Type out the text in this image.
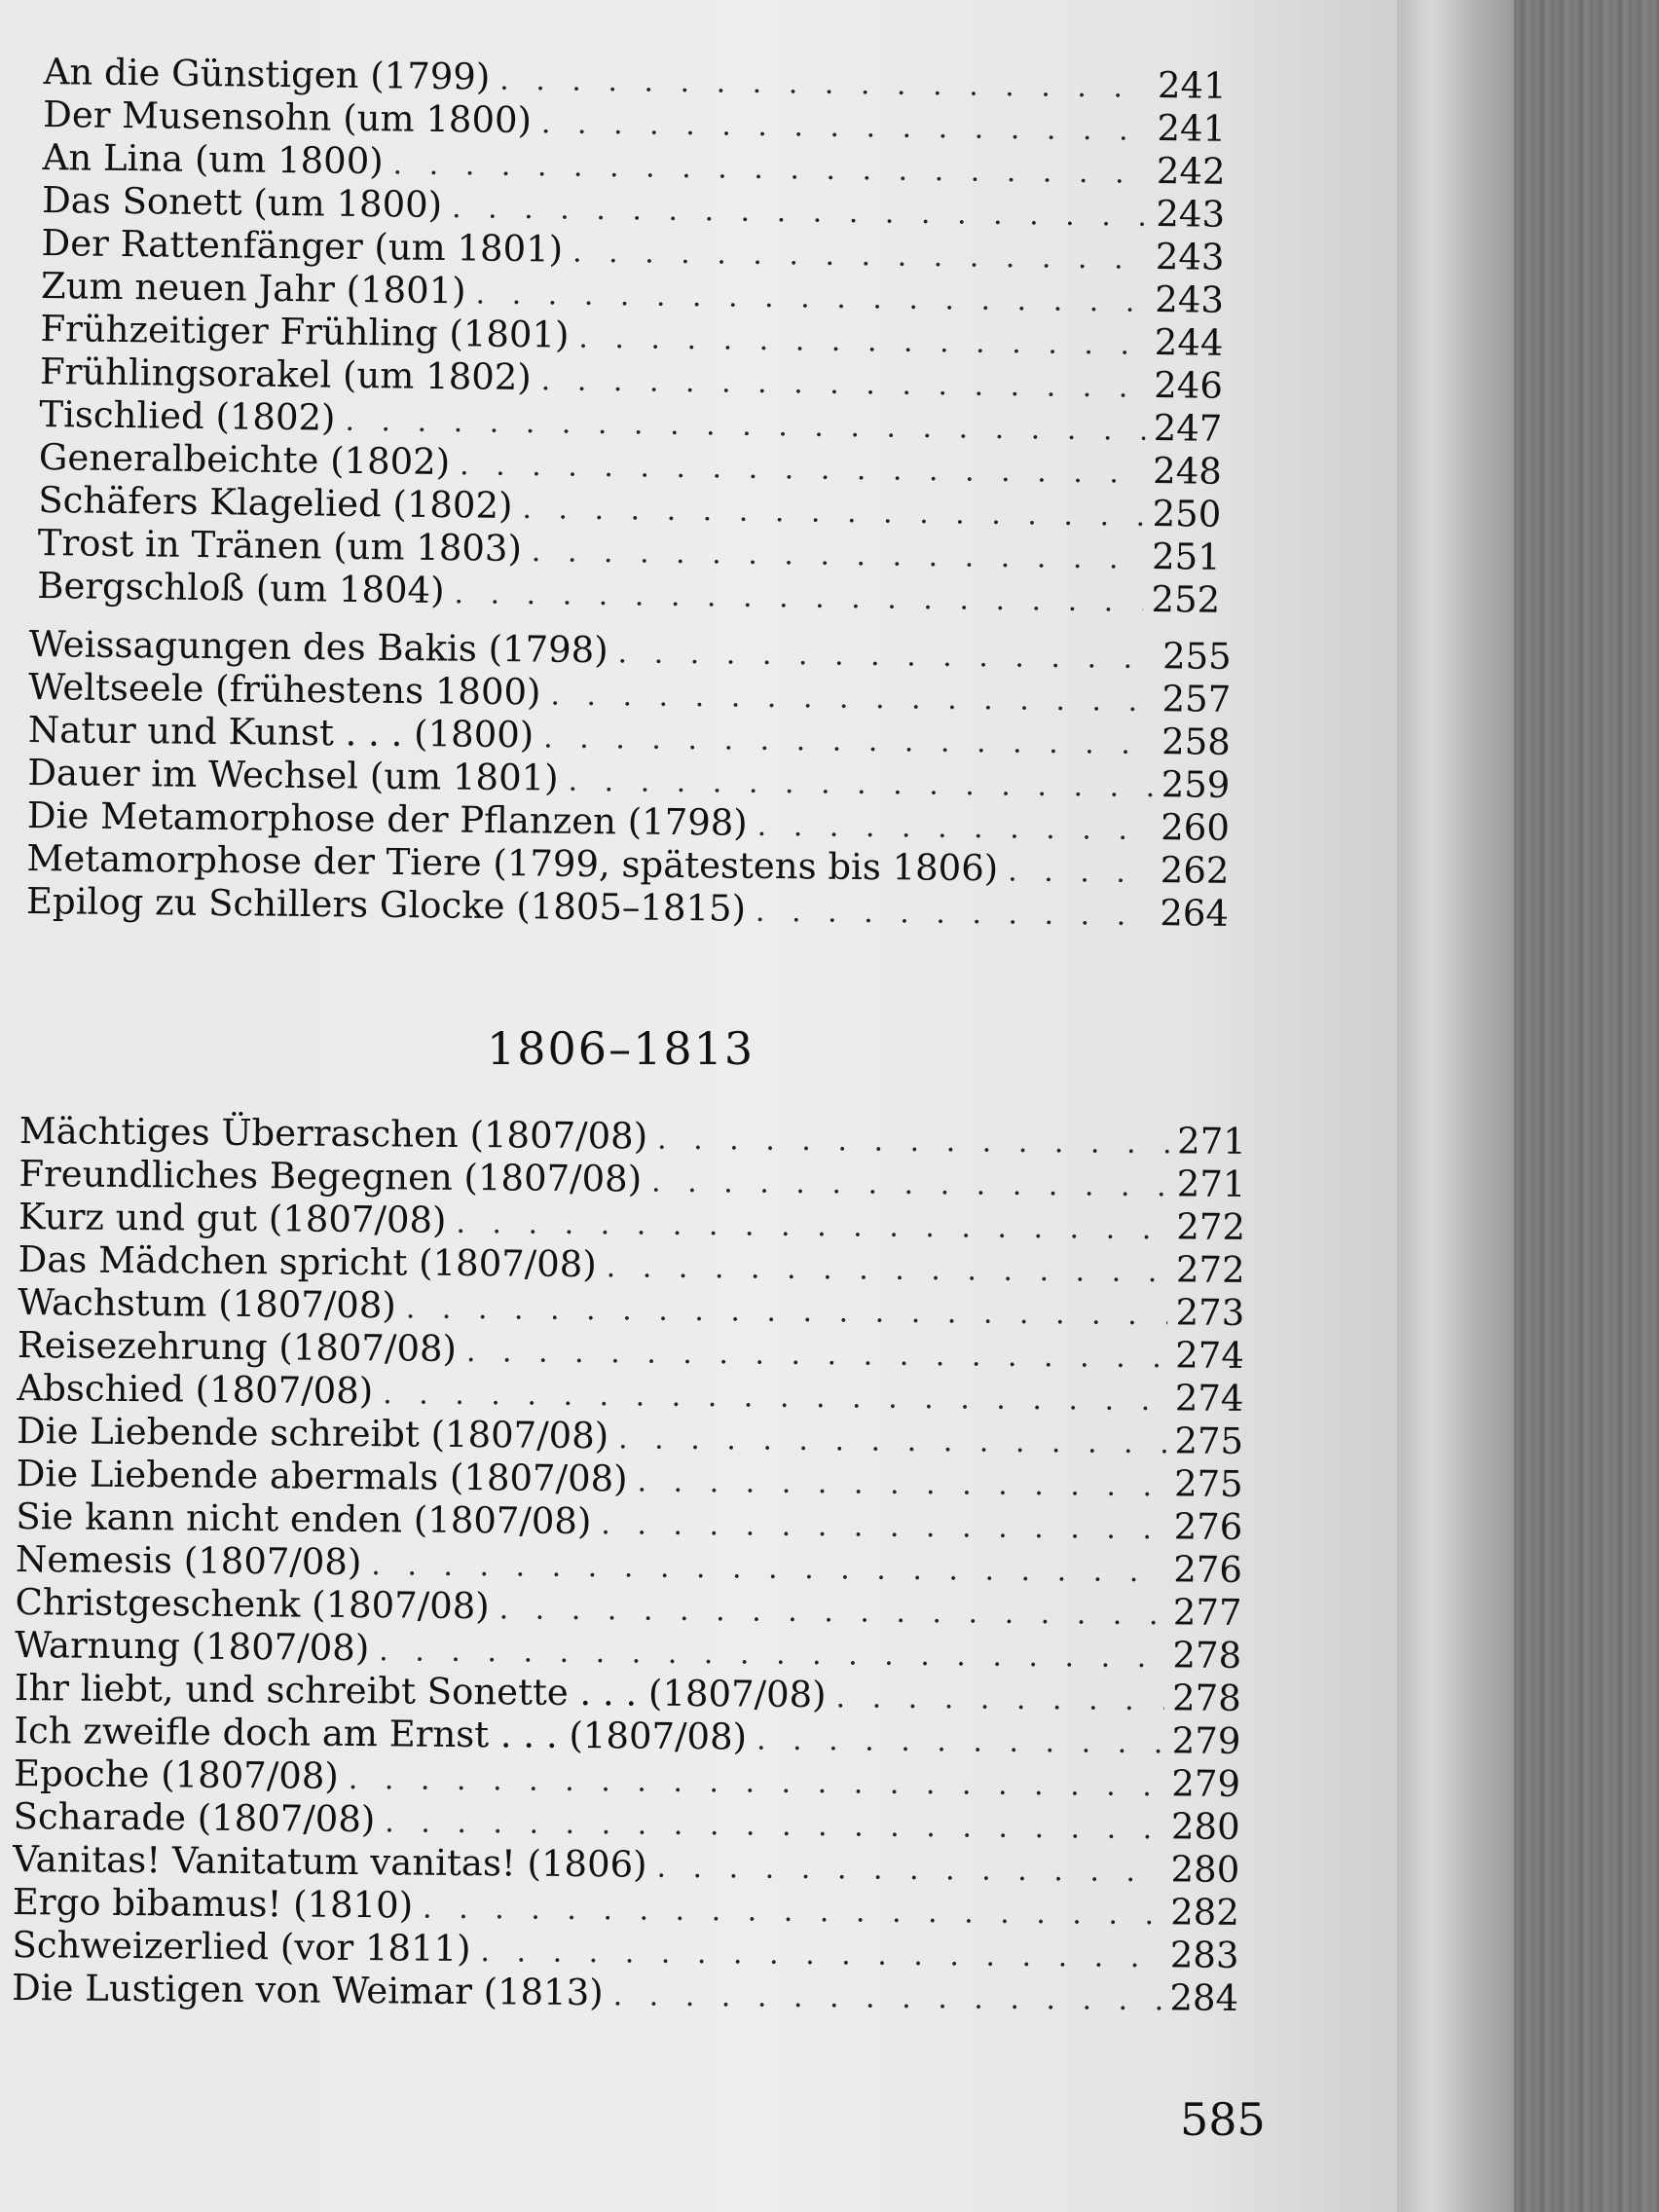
An die Günstigen (1799) . . .	241
Der Musensohn (um 1800) . . .	241
An Lina (um 1800) . . .	242
Das Sonett (um 1800) . . .	243
Der Rattenfänger (um 1801) . . .	243
Zum neuen Jahr (1801) . . .	243
Frühzeitiger Frühling (1801) . . .	244
Frühlingsorakel (um 1802) . . .	246
Tischlied (1802) . . .	247
Generalbeichte (1802) . . .	248
Schäfers Klagelied (1802) . . .	250
Trost in Tränen (um 1803) . . .	251
Bergschloß (um 1804) . . .	252
Weissagungen des Bakis (1798) . . .	255
Weltseele (frühestens 1800) . . .	257
Natur und Kunst . . . (1800) . . .	258
Dauer im Wechsel (um 1801) . . .	259
Die Metamorphose der Pflanzen (1798) . . .	260
Metamorphose der Tiere (1799, spätestens bis 1806) . . .	262
Epilog zu Schillers Glocke (1805–1815) . . .	264
1806–1813
Mächtiges Überraschen (1807/08) . . .	271
Freundliches Begegnen (1807/08) . . .	271
Kurz und gut (1807/08) . . .	272
Das Mädchen spricht (1807/08) . . .	272
Wachstum (1807/08) . . .	273
Reisezehrung (1807/08) . . .	274
Abschied (1807/08) . . .	274
Die Liebende schreibt (1807/08) . . .	275
Die Liebende abermals (1807/08) . . .	275
Sie kann nicht enden (1807/08) . . .	276
Nemesis (1807/08) . . .	276
Christgeschenk (1807/08) . . .	277
Warnung (1807/08) . . .	278
Ihr liebt, und schreibt Sonette . . . (1807/08) . . .	278
Ich zweifle doch am Ernst . . . (1807/08) . . .	279
Epoche (1807/08) . . .	279
Scharade (1807/08) . . .	280
Vanitas! Vanitatum vanitas! (1806) . . .	280
Ergo bibamus! (1810) . . .	282
Schweizerlied (vor 1811) . . .	283
Die Lustigen von Weimar (1813) . . .	284
585
